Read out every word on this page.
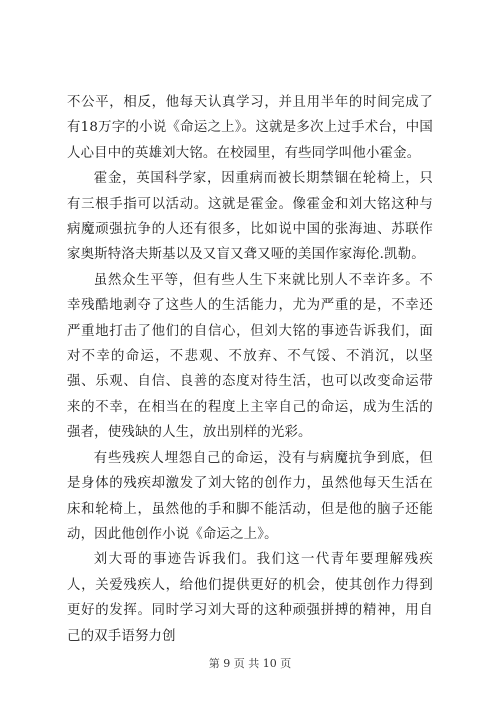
不公平，相反，他每天认真学习，并且用半年的时间完成了有18万字的小说《命运之上》。这就是多次上过手术台，中国人心目中的英雄刘大铭。在校园里，有些同学叫他小霍金。

霍金，英国科学家，因重病而被长期禁锢在轮椅上，只有三根手指可以活动。这就是霍金。像霍金和刘大铭这种与病魔顽强抗争的人还有很多，比如说中国的张海迪、苏联作家奥斯特洛夫斯基以及又盲又聋又哑的美国作家海伦.凯勒。

虽然众生平等，但有些人生下来就比别人不幸许多。不幸残酷地剥夺了这些人的生活能力，尤为严重的是，不幸还严重地打击了他们的自信心，但刘大铭的事迹告诉我们，面对不幸的命运，不悲观、不放弃、不气馁、不消沉，以坚强、乐观、自信、良善的态度对待生活，也可以改变命运带来的不幸，在相当在的程度上主宰自己的命运，成为生活的强者，使残缺的人生，放出别样的光彩。

有些残疾人埋怨自己的命运，没有与病魔抗争到底，但是身体的残疾却激发了刘大铭的创作力，虽然他每天生活在床和轮椅上，虽然他的手和脚不能活动，但是他的脑子还能动，因此他创作小说《命运之上》。

刘大哥的事迹告诉我们。我们这一代青年要理解残疾人，关爱残疾人，给他们提供更好的机会，使其创作力得到更好的发挥。同时学习刘大哥的这种顽强拼搏的精神，用自己的双手语努力创

第 9 页 共 10 页
